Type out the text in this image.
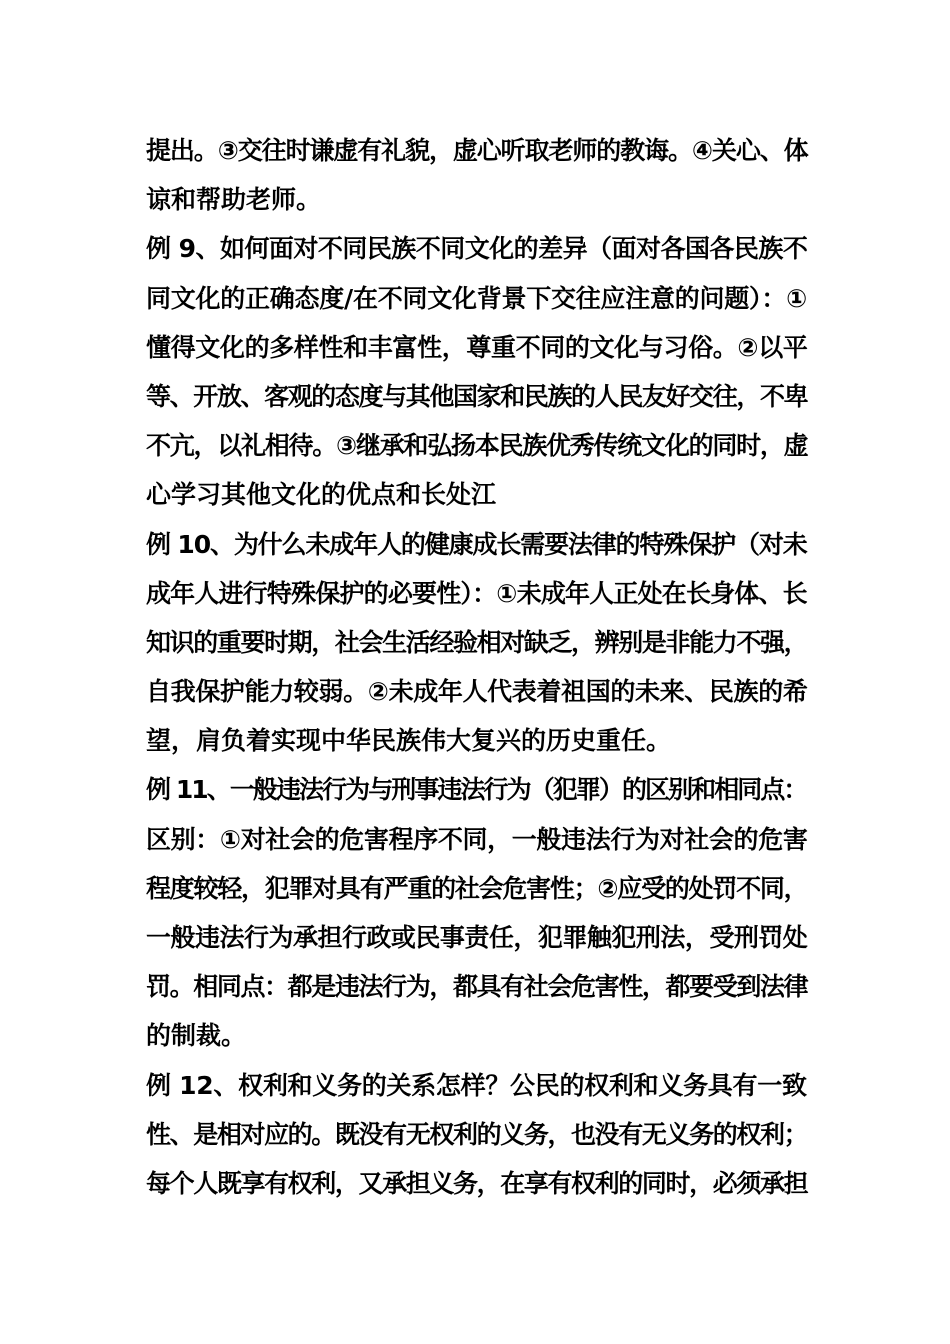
提出。③交往时谦虚有礼貌，虚心听取老师的教诲。④关心、体
谅和帮助老师。
例 9、如何面对不同民族不同文化的差异（面对各国各民族不
同文化的正确态度/在不同文化背景下交往应注意的问题）：①
懂得文化的多样性和丰富性，尊重不同的文化与习俗。②以平
等、开放、客观的态度与其他国家和民族的人民友好交往，不卑
不亢，以礼相待。③继承和弘扬本民族优秀传统文化的同时，虚
心学习其他文化的优点和长处江
例 10、为什么未成年人的健康成长需要法律的特殊保护（对未
成年人进行特殊保护的必要性）：①未成年人正处在长身体、长
知识的重要时期，社会生活经验相对缺乏，辨别是非能力不强，
自我保护能力较弱。②未成年人代表着祖国的未来、民族的希
望，肩负着实现中华民族伟大复兴的历史重任。
例 11、一般违法行为与刑事违法行为（犯罪）的区别和相同点：
区别：①对社会的危害程序不同，一般违法行为对社会的危害
程度较轻，犯罪对具有严重的社会危害性；②应受的处罚不同，
一般违法行为承担行政或民事责任，犯罪触犯刑法，受刑罚处
罚。相同点：都是违法行为，都具有社会危害性，都要受到法律
的制裁。
例 12、权利和义务的关系怎样？公民的权利和义务具有一致
性、是相对应的。既没有无权利的义务，也没有无义务的权利；
每个人既享有权利，又承担义务，在享有权利的同时，必须承担
